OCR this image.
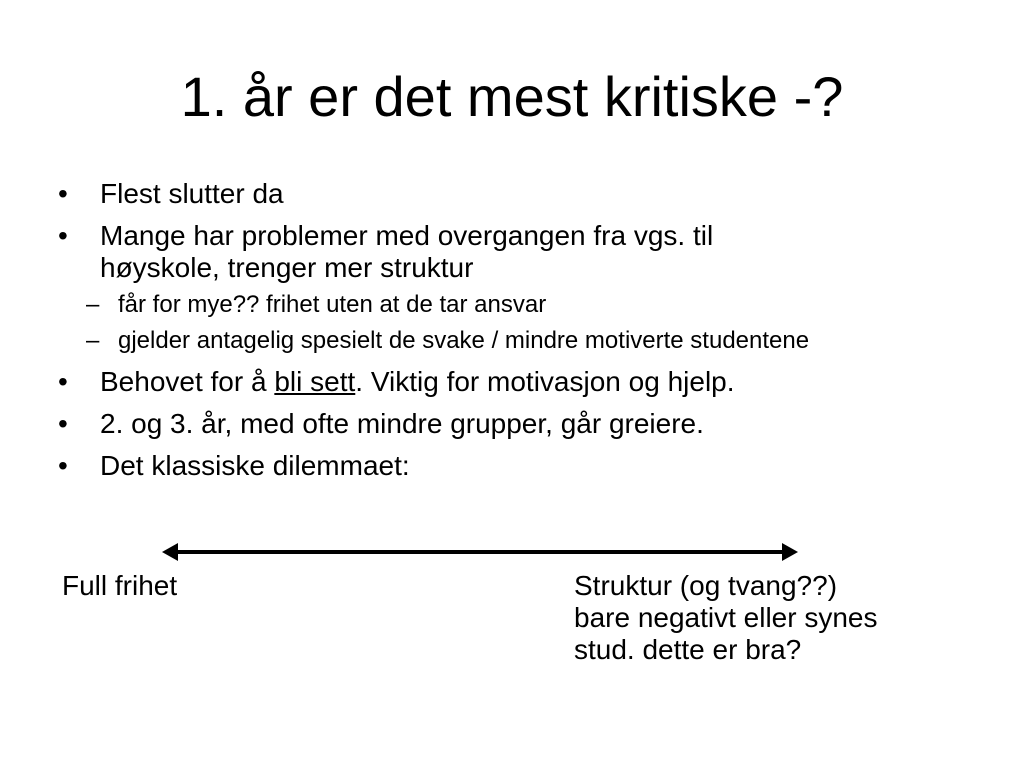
1. år er det mest kritiske -?
•	Flest slutter da
•	Mange har problemer med overgangen fra vgs. til
høyskole, trenger mer struktur
– får for mye?? frihet uten at de tar ansvar
– gjelder antagelig spesielt de svake / mindre motiverte studentene
•	Behovet for å bli sett. Viktig for motivasjon og hjelp.
•	2. og 3. år, med ofte mindre grupper, går greiere.
•	Det klassiske dilemmaet:
Full frihet	Struktur (og tvang??)
bare negativt eller synes
stud. dette er bra?
